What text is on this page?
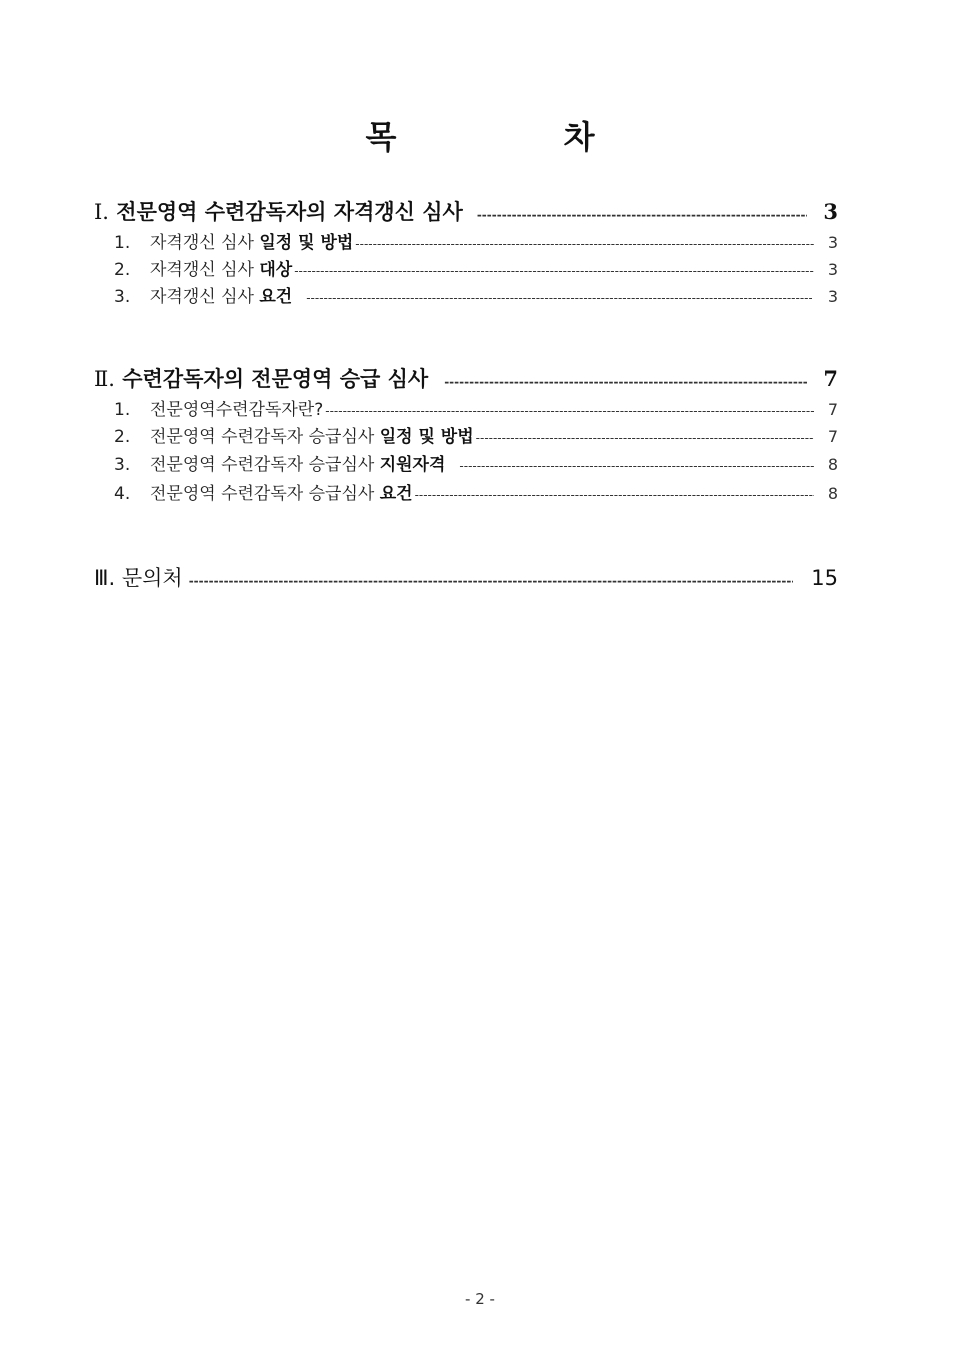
목 차
Ⅰ. 전문영역 수련감독자의 자격갱신 심사 -----	3
1. 자격갱신 심사 일정 및 방법 -----	3
2. 자격갱신 심사 대상 -----	3
3. 자격갱신 심사 요건 -----	3
Ⅱ. 수련감독자의 전문영역 승급 심사 -----	7
1. 전문영역수련감독자란? -----	7
2. 전문영역 수련감독자 승급심사 일정 및 방법 -----	7
3. 전문영역 수련감독자 승급심사 지원자격 -----	8
4. 전문영역 수련감독자 승급심사 요건 -----	8
Ⅲ. 문의처 -----	15
- 2 -
